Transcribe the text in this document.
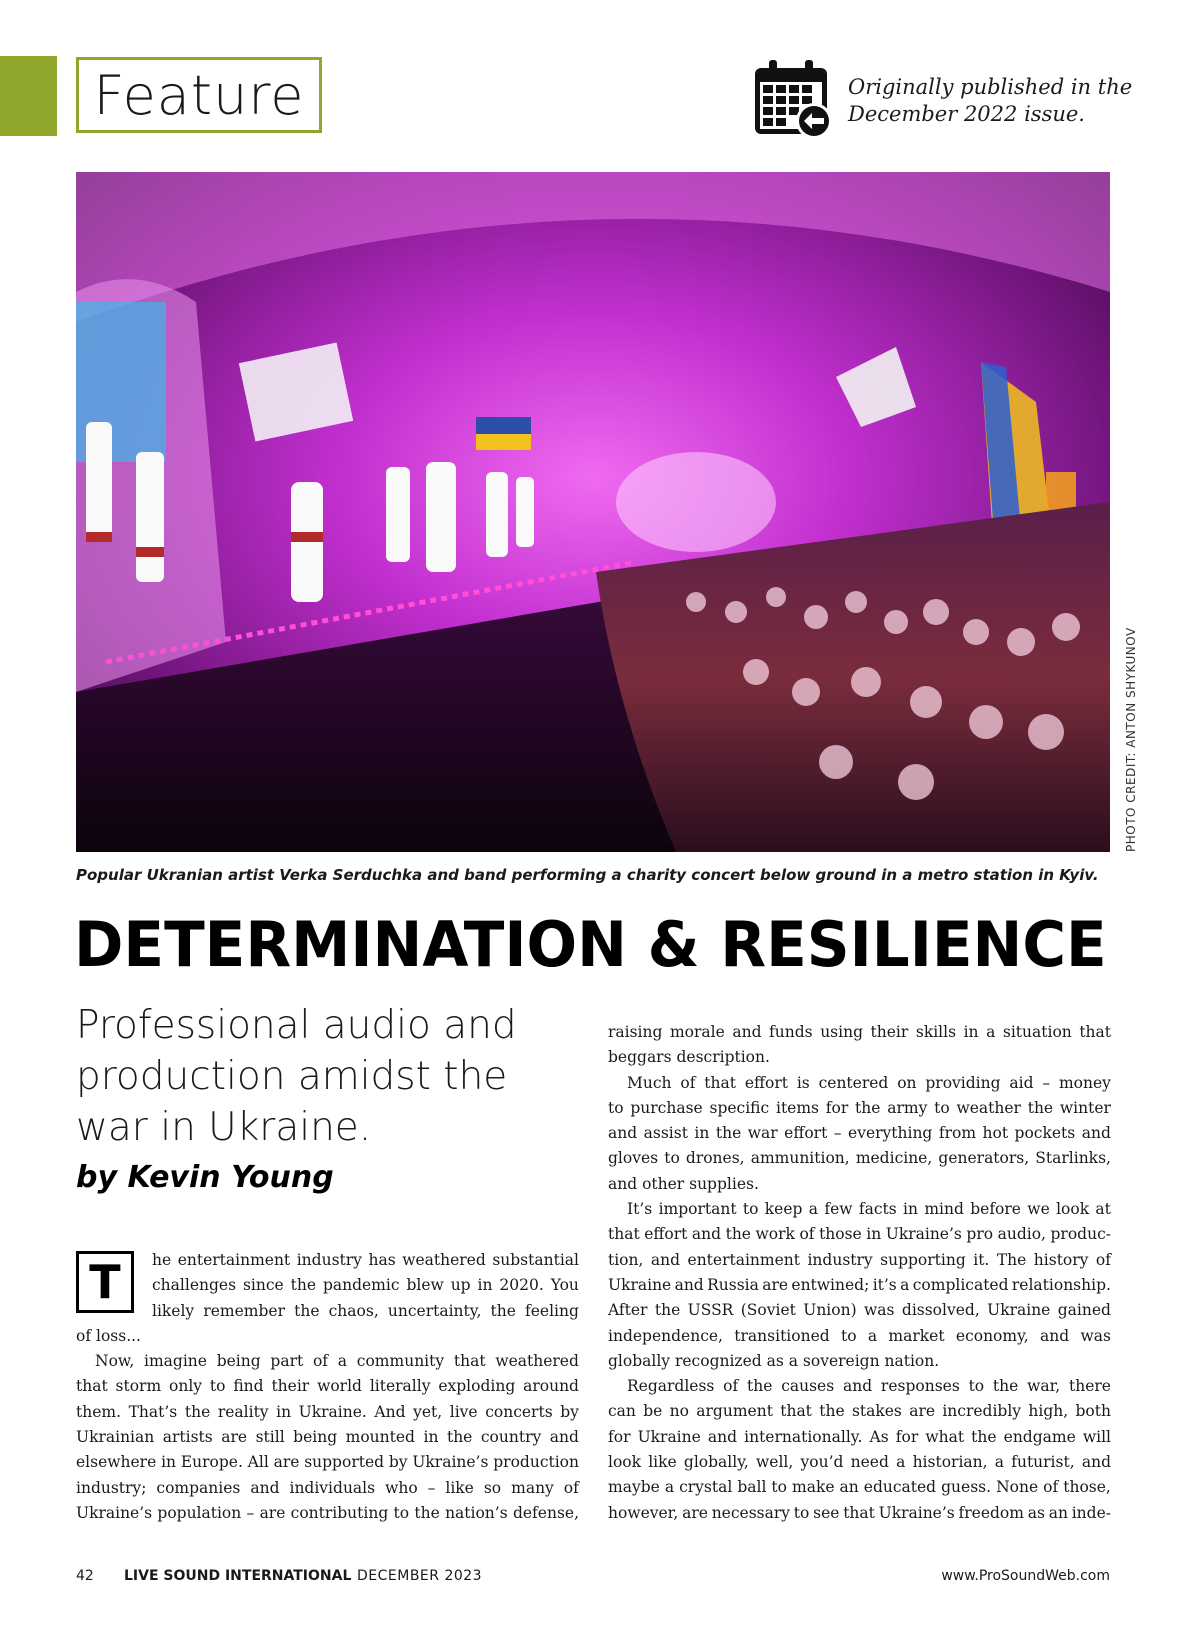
Feature	Originally published in the
December 2022 issue.
PHOTO CREDIT: ANTON SHYKUNOV
Popular Ukranian artist Verka Serduchka and band performing a charity concert below ground in a metro station in Kyiv.
DETERMINATION & RESILIENCE
Professional audio and
production amidst the
war in Ukraine.
by Kevin Young
T	he entertainment industry has weathered substantial
challenges since the pandemic blew up in 2020. You
likely remember the chaos, uncertainty, the feeling
of loss...
Now, imagine being part of a community that weathered
that storm only to find their world literally exploding around
them. That’s the reality in Ukraine. And yet, live concerts by
Ukrainian artists are still being mounted in the country and
elsewhere in Europe. All are supported by Ukraine’s production
industry; companies and individuals who – like so many of
Ukraine’s population – are contributing to the nation’s defense,
raising morale and funds using their skills in a situation that
beggars description.
Much of that effort is centered on providing aid – money
to purchase specific items for the army to weather the winter
and assist in the war effort – everything from hot pockets and
gloves to drones, ammunition, medicine, generators, Starlinks,
and other supplies.
It’s important to keep a few facts in mind before we look at
that effort and the work of those in Ukraine’s pro audio, produc-
tion, and entertainment industry supporting it. The history of
Ukraine and Russia are entwined; it’s a complicated relationship.
After the USSR (Soviet Union) was dissolved, Ukraine gained
independence, transitioned to a market economy, and was
globally recognized as a sovereign nation.
Regardless of the causes and responses to the war, there
can be no argument that the stakes are incredibly high, both
for Ukraine and internationally. As for what the endgame will
look like globally, well, you’d need a historian, a futurist, and
maybe a crystal ball to make an educated guess. None of those,
however, are necessary to see that Ukraine’s freedom as an inde-
42 LIVE SOUND INTERNATIONAL DECEMBER 2023	www.ProSoundWeb.com
